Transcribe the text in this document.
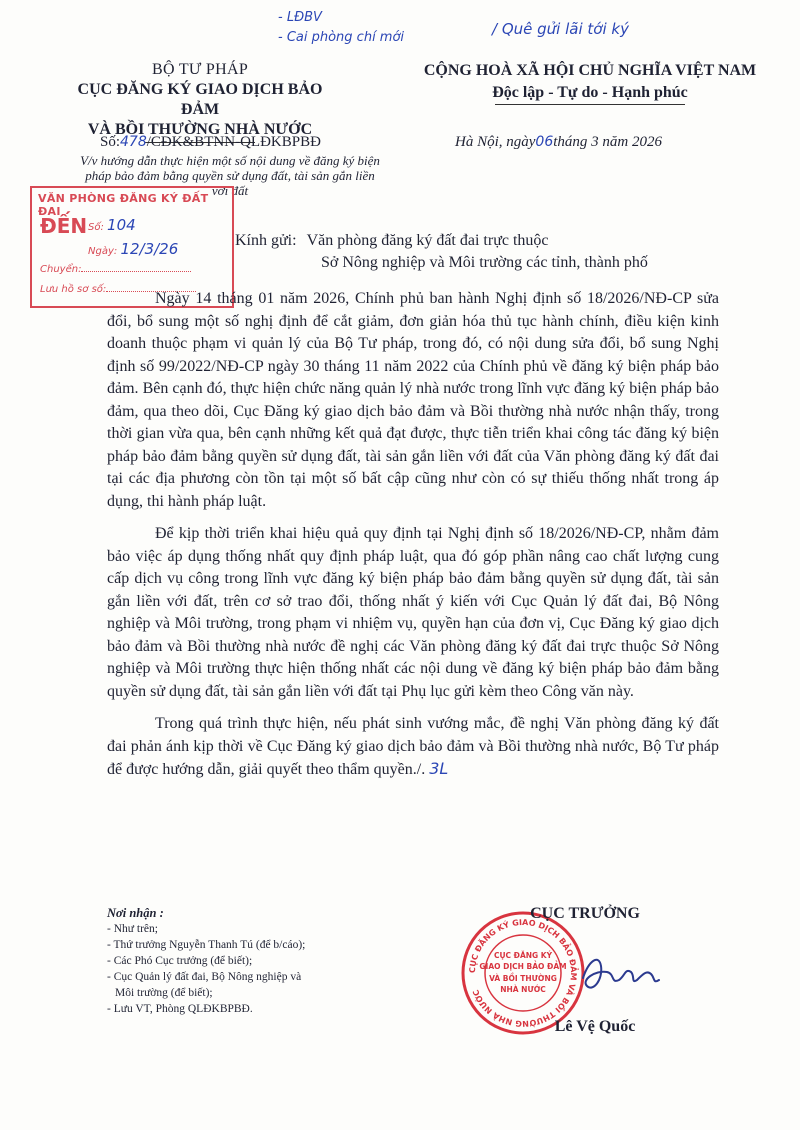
- LĐBV
- Cai phòng chí mới	/ Quê gửi lãi tới ký
BỘ TƯ PHÁP
CỤC ĐĂNG KÝ GIAO DỊCH BẢO ĐẢM
VÀ BỒI THƯỜNG NHÀ NƯỚC
Số:478/CĐK&BTNN-QLĐKBPBĐ
V/v hướng dẫn thực hiện một số nội dung về đăng ký biện pháp bảo đảm bằng quyền sử dụng đất, tài sản gắn liền với đất
CỘNG HOÀ XÃ HỘI CHỦ NGHĨA VIỆT NAM
Độc lập - Tự do - Hạnh phúc
Hà Nội, ngày06tháng 3 năm 2026
VĂN PHÒNG ĐĂNG KÝ ĐẤT ĐAI
ĐẾN Số: 104
Ngày: 12/3/26
Chuyển:
Lưu hồ sơ số:
Kính gửi: Văn phòng đăng ký đất đai trực thuộc
Sở Nông nghiệp và Môi trường các tỉnh, thành phố

Ngày 14 tháng 01 năm 2026, Chính phủ ban hành Nghị định số 18/2026/NĐ-CP sửa đổi, bổ sung một số nghị định để cắt giảm, đơn giản hóa thủ tục hành chính, điều kiện kinh doanh thuộc phạm vi quản lý của Bộ Tư pháp, trong đó, có nội dung sửa đổi, bổ sung Nghị định số 99/2022/NĐ-CP ngày 30 tháng 11 năm 2022 của Chính phủ về đăng ký biện pháp bảo đảm. Bên cạnh đó, thực hiện chức năng quản lý nhà nước trong lĩnh vực đăng ký biện pháp bảo đảm, qua theo dõi, Cục Đăng ký giao dịch bảo đảm và Bồi thường nhà nước nhận thấy, trong thời gian vừa qua, bên cạnh những kết quả đạt được, thực tiễn triển khai công tác đăng ký biện pháp bảo đảm bằng quyền sử dụng đất, tài sản gắn liền với đất của Văn phòng đăng ký đất đai tại các địa phương còn tồn tại một số bất cập cũng như còn có sự thiếu thống nhất trong áp dụng, thi hành pháp luật.

Để kịp thời triển khai hiệu quả quy định tại Nghị định số 18/2026/NĐ-CP, nhằm đảm bảo việc áp dụng thống nhất quy định pháp luật, qua đó góp phần nâng cao chất lượng cung cấp dịch vụ công trong lĩnh vực đăng ký biện pháp bảo đảm bằng quyền sử dụng đất, tài sản gắn liền với đất, trên cơ sở trao đổi, thống nhất ý kiến với Cục Quản lý đất đai, Bộ Nông nghiệp và Môi trường, trong phạm vi nhiệm vụ, quyền hạn của đơn vị, Cục Đăng ký giao dịch bảo đảm và Bồi thường nhà nước đề nghị các Văn phòng đăng ký đất đai trực thuộc Sở Nông nghiệp và Môi trường thực hiện thống nhất các nội dung về đăng ký biện pháp bảo đảm bằng quyền sử dụng đất, tài sản gắn liền với đất tại Phụ lục gửi kèm theo Công văn này.

Trong quá trình thực hiện, nếu phát sinh vướng mắc, đề nghị Văn phòng đăng ký đất đai phản ánh kịp thời về Cục Đăng ký giao dịch bảo đảm và Bồi thường nhà nước, Bộ Tư pháp để được hướng dẫn, giải quyết theo thẩm quyền./. 3L

Nơi nhận :
- Như trên;
- Thứ trưởng Nguyễn Thanh Tú (để b/cáo);
- Các Phó Cục trưởng (để biết);
- Cục Quản lý đất đai, Bộ Nông nghiệp và
Môi trường (để biết);
- Lưu VT, Phòng QLĐKBPBĐ.
CỤC ĐĂNG KÝ GIAO DỊCH BẢO ĐẢM VÀ BỒI THƯỜNG NHÀ NƯỚC
CỤC ĐĂNG KÝ
GIAO DỊCH BẢO ĐẢM
VÀ BỒI THƯỜNG
NHÀ NƯỚC
CỤC TRƯỞNG
Lê Vệ Quốc
